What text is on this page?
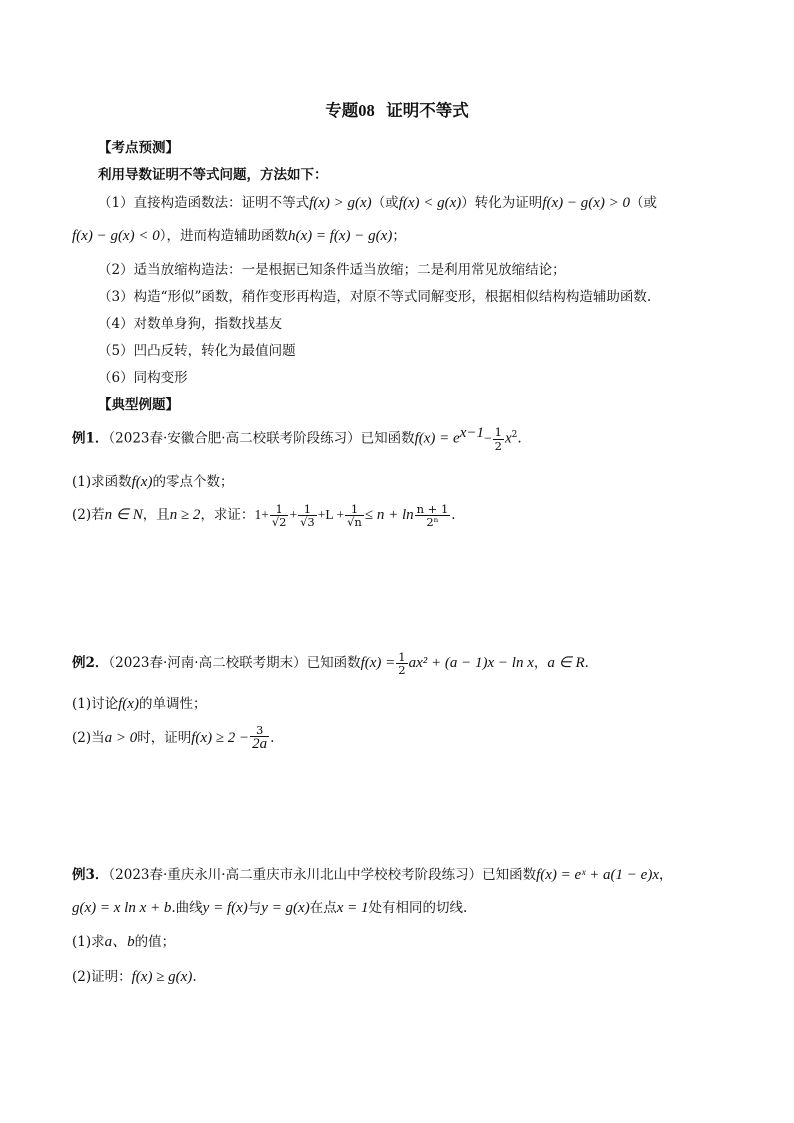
专题08 证明不等式
【考点预测】
利用导数证明不等式问题，方法如下：
（1）直接构造函数法：证明不等式f(x) > g(x)（或f(x) < g(x)）转化为证明f(x) − g(x) > 0（或
f(x) − g(x) < 0），进而构造辅助函数h(x) = f(x) − g(x)；
（2）适当放缩构造法：一是根据已知条件适当放缩；二是利用常见放缩结论；
（3）构造“形似”函数，稍作变形再构造，对原不等式同解变形，根据相似结构构造辅助函数.
（4）对数单身狗，指数找基友
（5）凹凸反转，转化为最值问题
（6）同构变形
【典型例题】
例1．（2023春·安徽合肥·高二校联考阶段练习）已知函数$f(x) = e^{x-1}- \frac{1}{2} x^2$.
(1)求函数f(x)的零点个数；
(2)若n ∈ N，且n ≥ 2，求证：$1+ \frac{1}{√2} + \frac{1}{√3} +L + \frac{1}{√n} \le n + \ln \frac{n + 1}{\text{2ⁿ}}$ .
例2．（2023春·河南·高二校联考期末）已知函数$f(x) = \frac{1}{2} ax^2 + (a - 1)x - \ln x$，a ∈ R.
(1)讨论f(x)的单调性；
(2)当a > 0时，证明$f(x) \ge 2 - \frac{3}{2a}$ .
例3．（2023春·重庆永川·高二重庆市永川北山中学校校考阶段练习）已知函数f(x) = eˣ + a(1 − e)x，
g(x) = x ln x + b.曲线y = f(x)与y = g(x)在点x = 1处有相同的切线.
(1)求a、b的值；
(2)证明：f(x) ≥ g(x).
